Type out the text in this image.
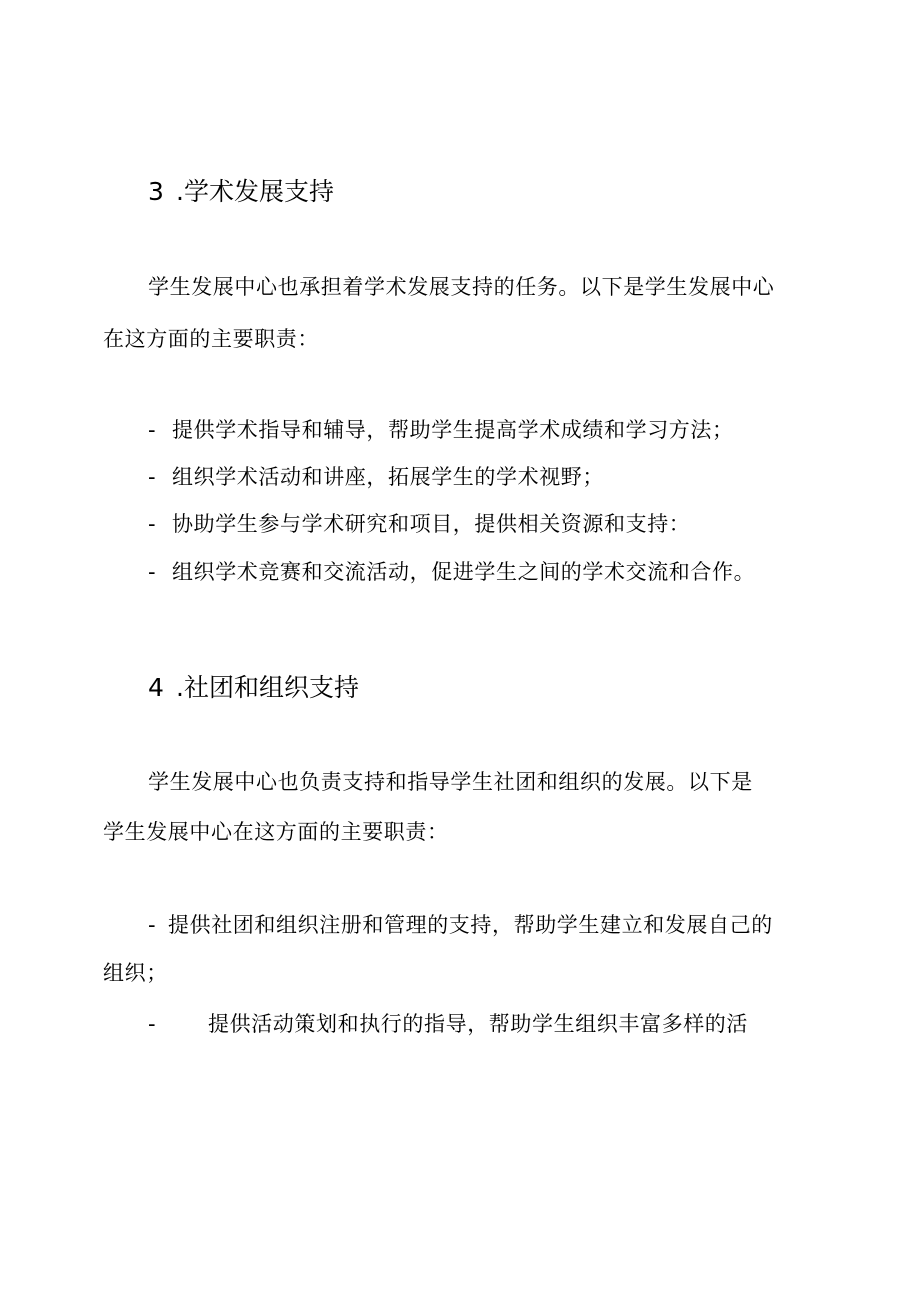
3 .学术发展支持
学生发展中心也承担着学术发展支持的任务。以下是学生发展中心
在这方面的主要职责：
- 提供学术指导和辅导，帮助学生提高学术成绩和学习方法；
- 组织学术活动和讲座，拓展学生的学术视野；
- 协助学生参与学术研究和项目，提供相关资源和支持：
- 组织学术竞赛和交流活动，促进学生之间的学术交流和合作。
4 .社团和组织支持
学生发展中心也负责支持和指导学生社团和组织的发展。以下是
学生发展中心在这方面的主要职责：
- 提供社团和组织注册和管理的支持，帮助学生建立和发展自己的
组织；
- 提供活动策划和执行的指导，帮助学生组织丰富多样的活
